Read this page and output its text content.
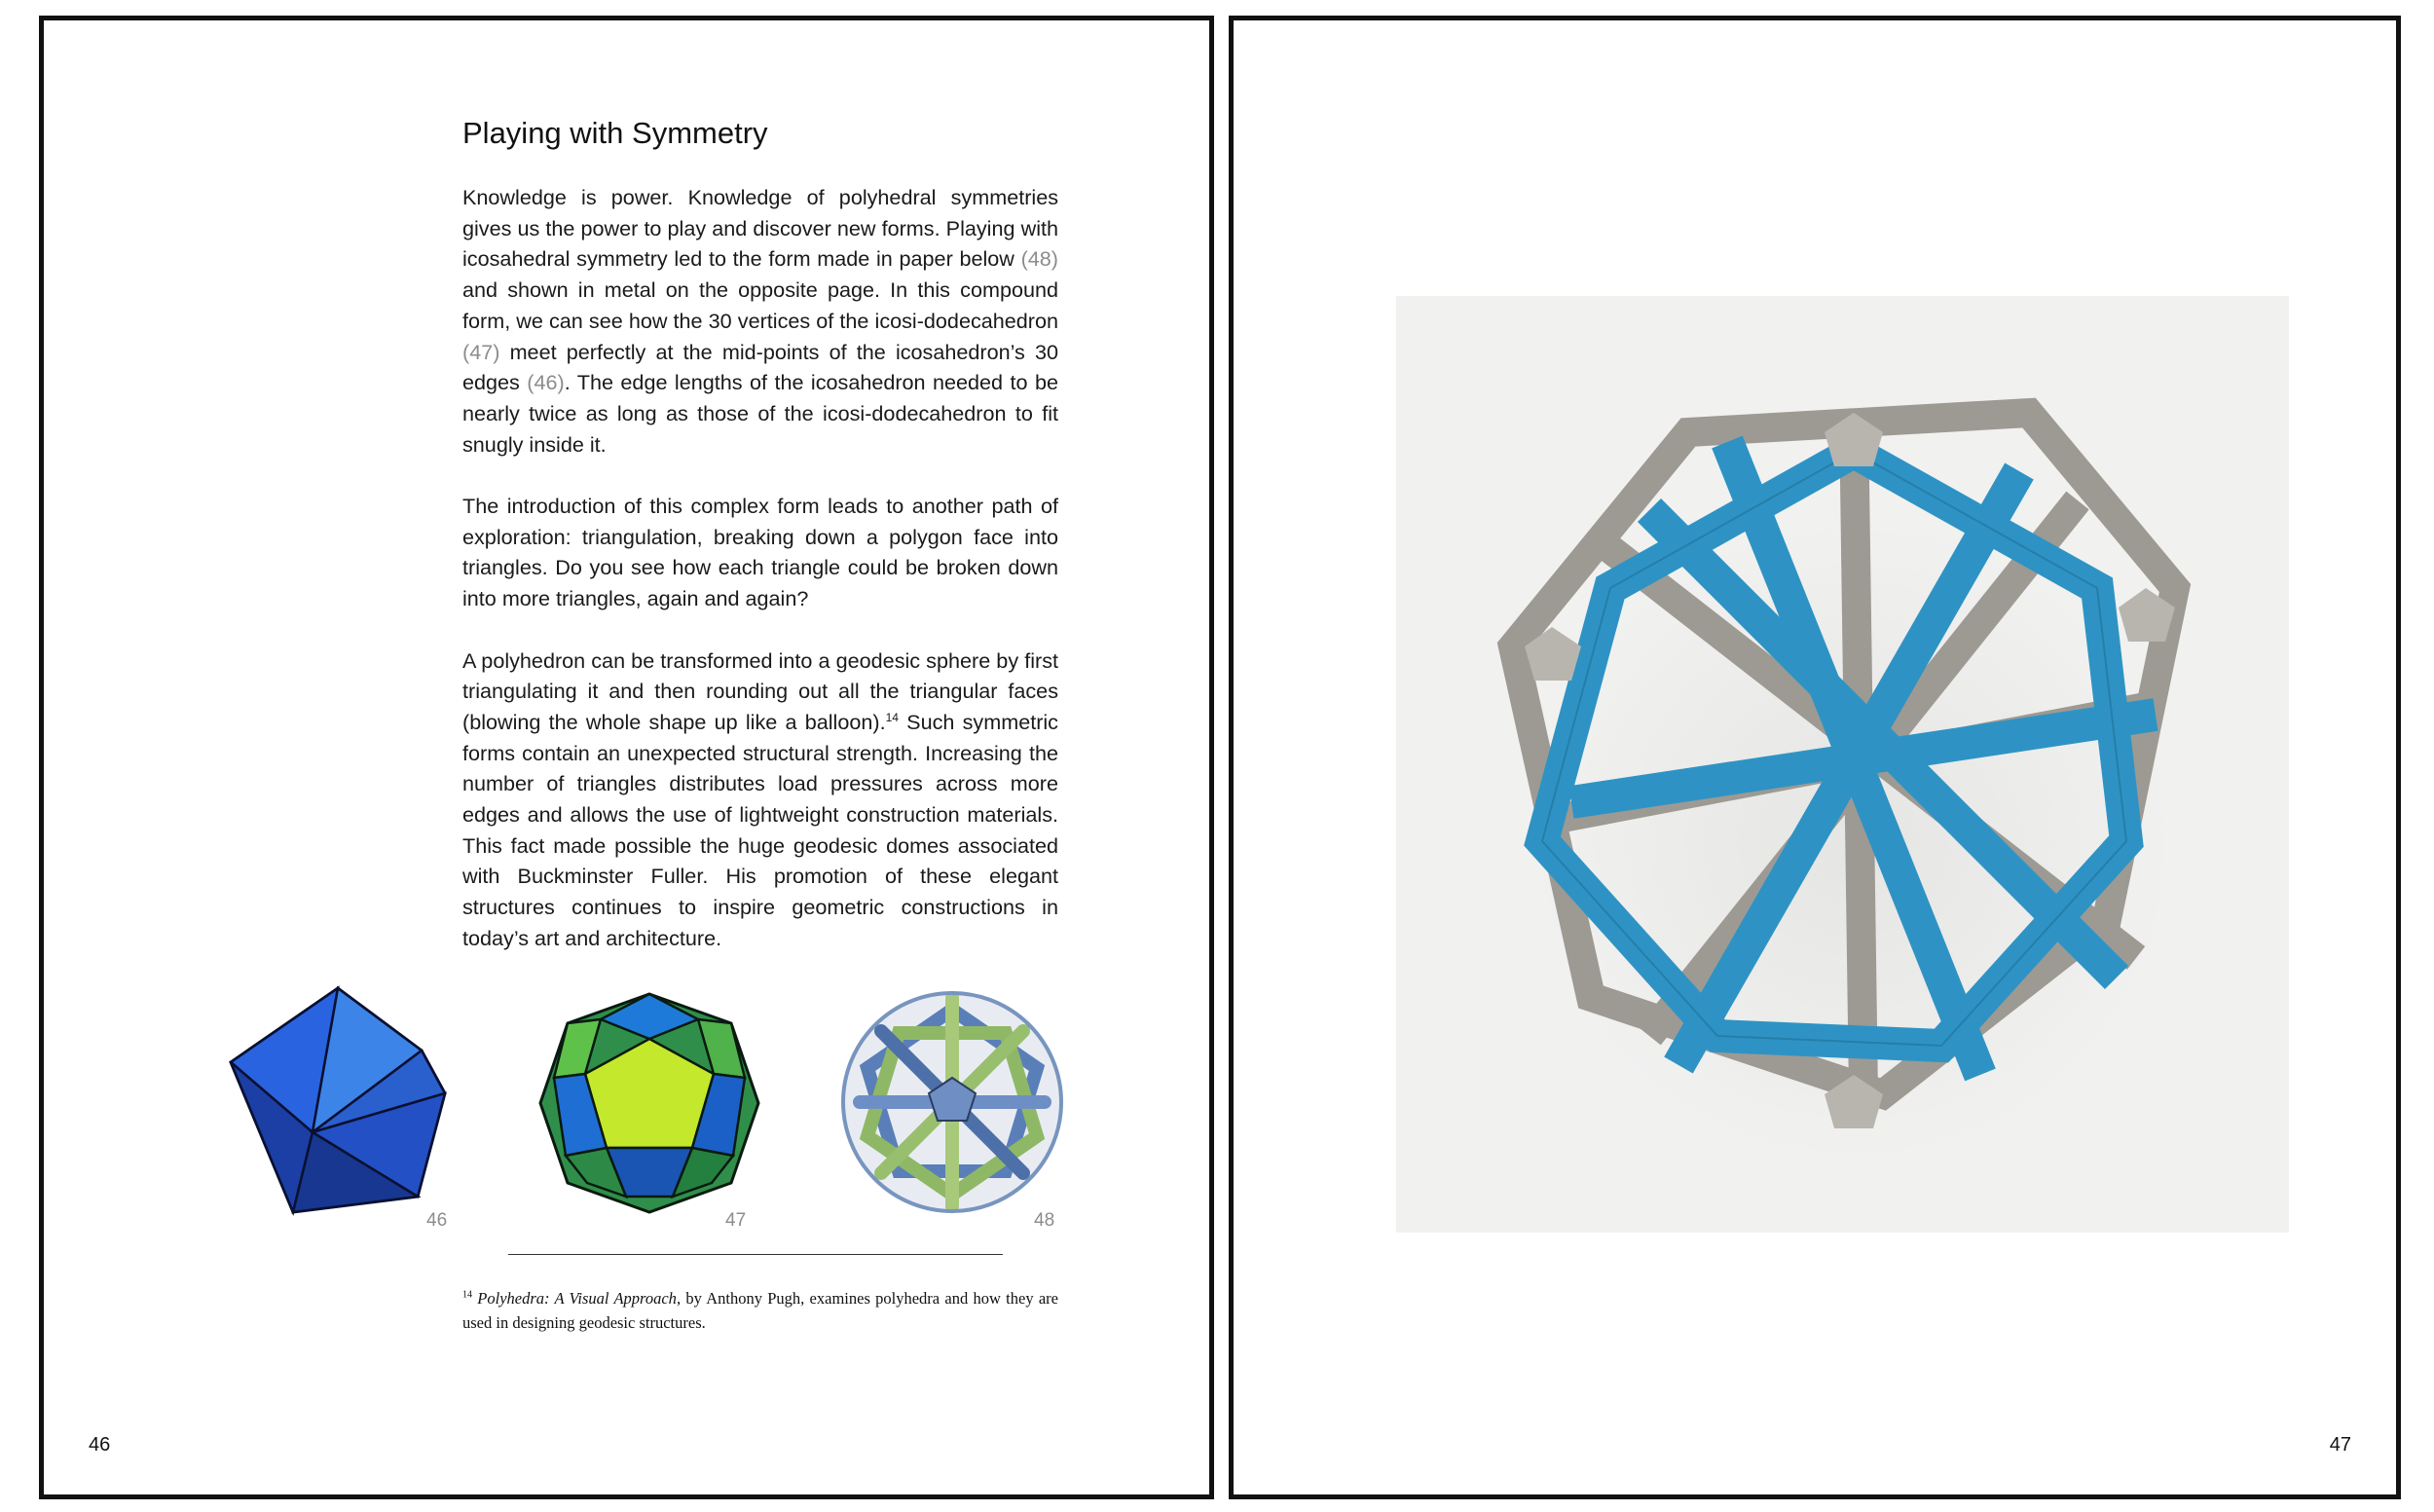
Playing with Symmetry

Knowledge is power. Knowledge of polyhedral symmetries gives us the power to play and discover new forms. Playing with icosahedral symmetry led to the form made in paper below (48) and shown in metal on the opposite page. In this compound form, we can see how the 30 vertices of the icosi-dodecahedron (47) meet perfectly at the mid-points of the icosahedron’s 30 edges (46). The edge lengths of the icosahedron needed to be nearly twice as long as those of the icosi-dodecahedron to fit snugly inside it.

The introduction of this complex form leads to another path of exploration: triangulation, breaking down a polygon face into triangles. Do you see how each triangle could be broken down into more triangles, again and again?

A polyhedron can be transformed into a geodesic sphere by first triangulating it and then rounding out all the triangular faces (blowing the whole shape up like a balloon).$^{14}$ Such symmetric forms contain an unexpected structural strength. Increasing the number of triangles distributes load pressures across more edges and allows the use of lightweight construction materials. This fact made possible the huge geodesic domes associated with Buckminster Fuller. His promotion of these elegant structures continues to inspire geometric constructions in today’s art and architecture.

46	47	48

$^{14}$ Polyhedra: A Visual Approach, by Anthony Pugh, examines polyhedra and how they are used in designing geodesic structures.

46	47
